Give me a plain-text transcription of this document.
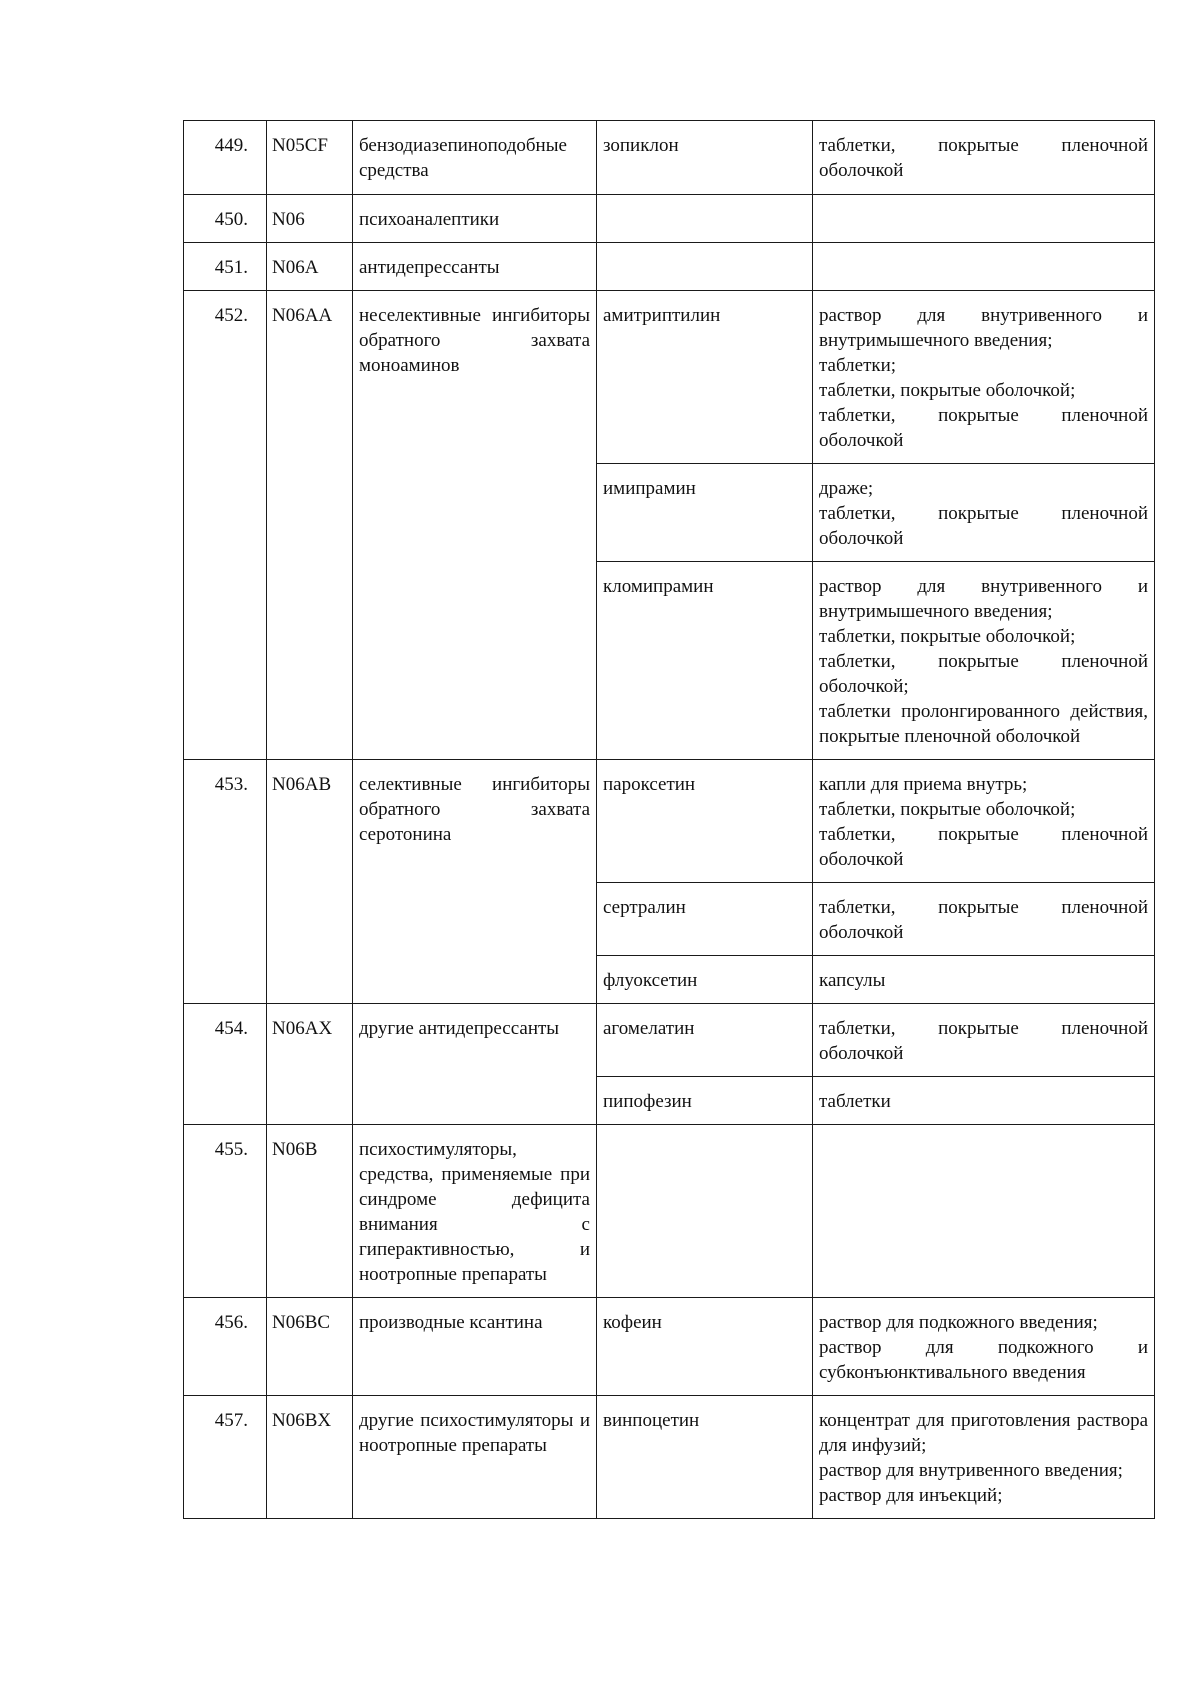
449.	N05CF	бензодиазепиноподобные средства	зопиклон	таблетки, покрытые пленочной оболочкой

450.	N06	психоаналептики		

451.	N06A	антидепрессанты		

452.	N06AA	неселективные ингибиторы обратного захвата моноаминов	амитриптилин	раствор для внутривенного и внутримышечного введения;
таблетки;
таблетки, покрытые оболочкой;
таблетки, покрытые пленочной оболочкой

			имипрамин	драже;
таблетки, покрытые пленочной оболочкой

			кломипрамин	раствор для внутривенного и внутримышечного введения;
таблетки, покрытые оболочкой;
таблетки, покрытые пленочной оболочкой;
таблетки пролонгированного действия, покрытые пленочной оболочкой

453.	N06AB	селективные ингибиторы обратного захвата серотонина	пароксетин	капли для приема внутрь;
таблетки, покрытые оболочкой;
таблетки, покрытые пленочной оболочкой

			сертралин	таблетки, покрытые пленочной оболочкой

			флуоксетин	капсулы

454.	N06AX	другие антидепрессанты	агомелатин	таблетки, покрытые пленочной оболочкой

			пипофезин	таблетки

455.	N06B	психостимуляторы, средства, применяемые при синдроме дефицита внимания с гиперактивностью, и ноотропные препараты		

456.	N06BC	производные ксантина	кофеин	раствор для подкожного введения;
раствор для подкожного и субконъюнктивального введения

457.	N06BX	другие психостимуляторы и ноотропные препараты	винпоцетин	концентрат для приготовления раствора для инфузий;
раствор для внутривенного введения;
раствор для инъекций;
